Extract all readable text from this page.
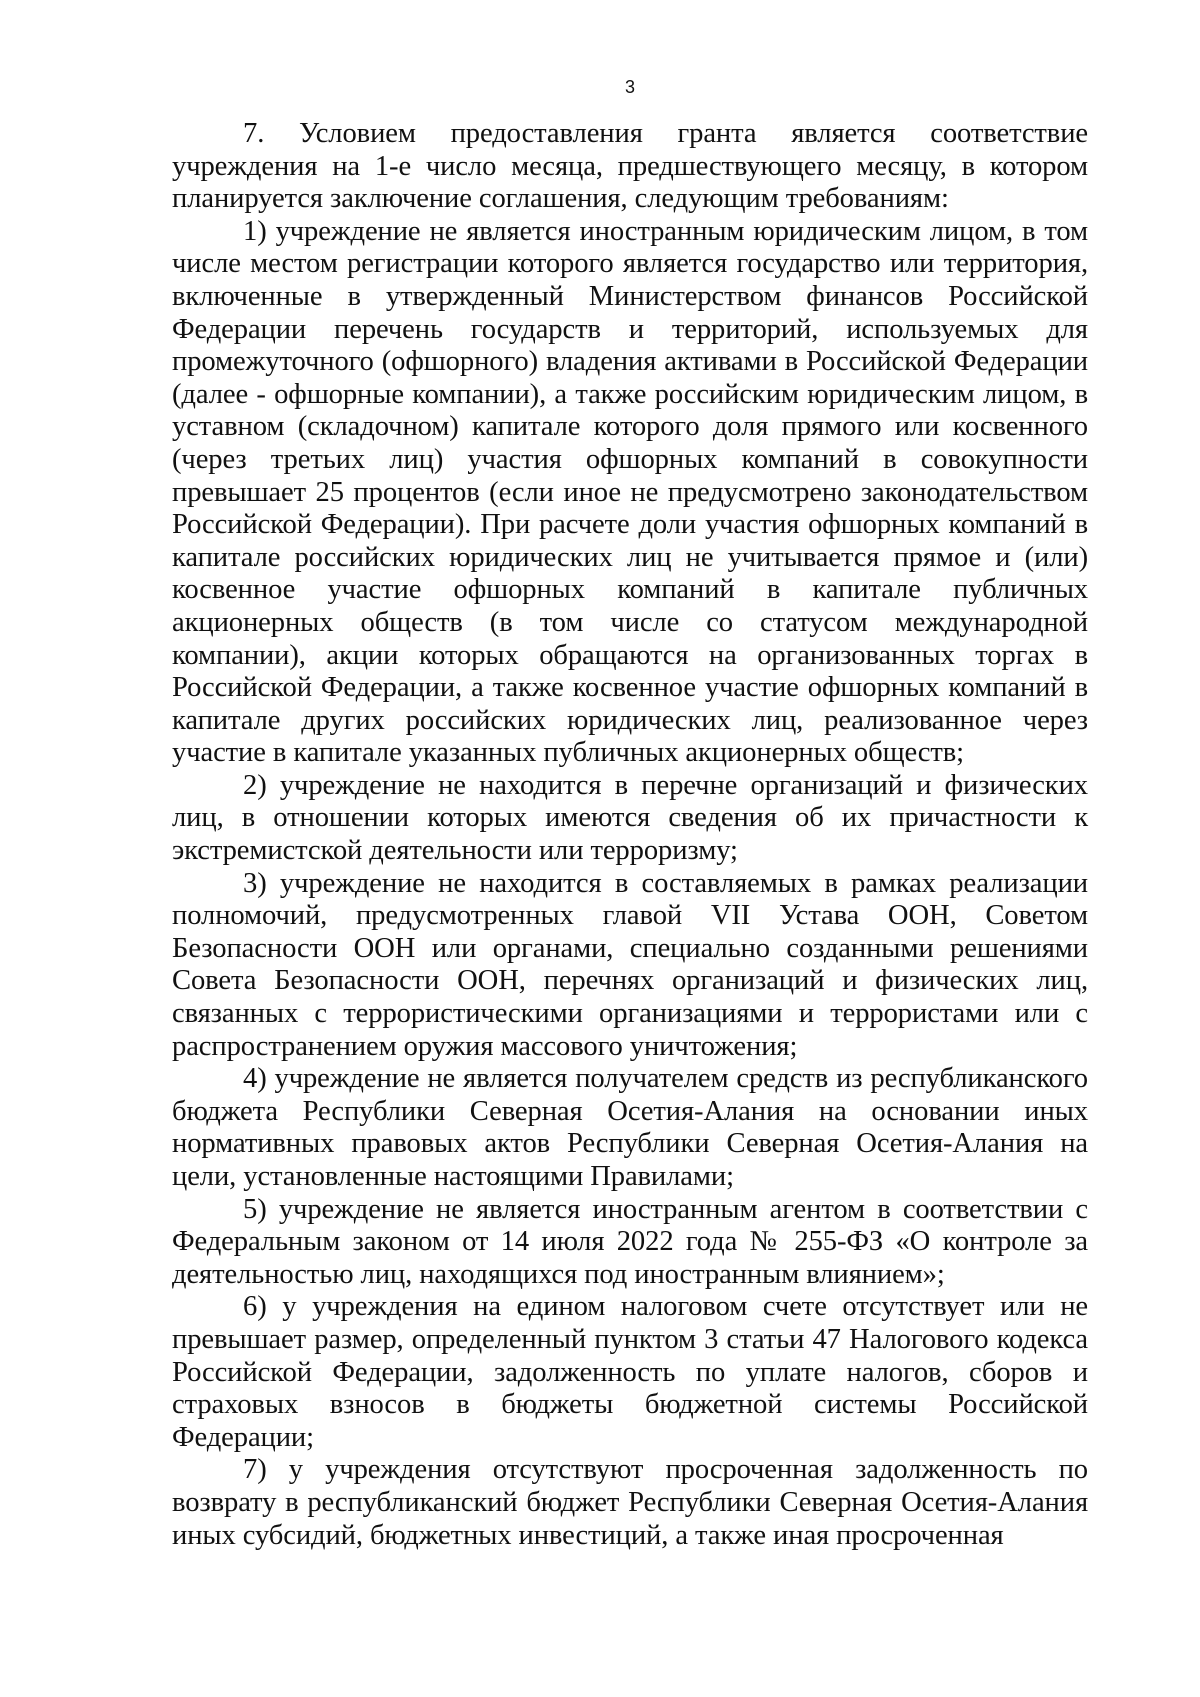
3

7. Условием предоставления гранта является соответствие учреждения на 1-е число месяца, предшествующего месяцу, в котором планируется заключение соглашения, следующим требованиям:

1) учреждение не является иностранным юридическим лицом, в том числе местом регистрации которого является государство или территория, включенные в утвержденный Министерством финансов Российской Федерации перечень государств и территорий, используемых для промежуточного (офшорного) владения активами в Российской Федерации (далее - офшорные компании), а также российским юридическим лицом, в уставном (складочном) капитале которого доля прямого или косвенного (через третьих лиц) участия офшорных компаний в совокупности превышает 25 процентов (если иное не предусмотрено законодательством Российской Федерации). При расчете доли участия офшорных компаний в капитале российских юридических лиц не учитывается прямое и (или) косвенное участие офшорных компаний в капитале публичных акционерных обществ (в том числе со статусом международной компании), акции которых обращаются на организованных торгах в Российской Федерации, а также косвенное участие офшорных компаний в капитале других российских юридических лиц, реализованное через участие в капитале указанных публичных акционерных обществ;

2) учреждение не находится в перечне организаций и физических лиц, в отношении которых имеются сведения об их причастности к экстремистской деятельности или терроризму;

3) учреждение не находится в составляемых в рамках реализации полномочий, предусмотренных главой VII Устава ООН, Советом Безопасности ООН или органами, специально созданными решениями Совета Безопасности ООН, перечнях организаций и физических лиц, связанных с террористическими организациями и террористами или с распространением оружия массового уничтожения;

4) учреждение не является получателем средств из республиканского бюджета Республики Северная Осетия-Алания на основании иных нормативных правовых актов Республики Северная Осетия-Алания на цели, установленные настоящими Правилами;

5) учреждение не является иностранным агентом в соответствии с Федеральным законом от 14 июля 2022 года № 255-ФЗ «О контроле за деятельностью лиц, находящихся под иностранным влиянием»;

6) у учреждения на едином налоговом счете отсутствует или не превышает размер, определенный пунктом 3 статьи 47 Налогового кодекса Российской Федерации, задолженность по уплате налогов, сборов и страховых взносов в бюджеты бюджетной системы Российской Федерации;

7) у учреждения отсутствуют просроченная задолженность по возврату в республиканский бюджет Республики Северная Осетия-Алания иных субсидий, бюджетных инвестиций, а также иная просроченная
